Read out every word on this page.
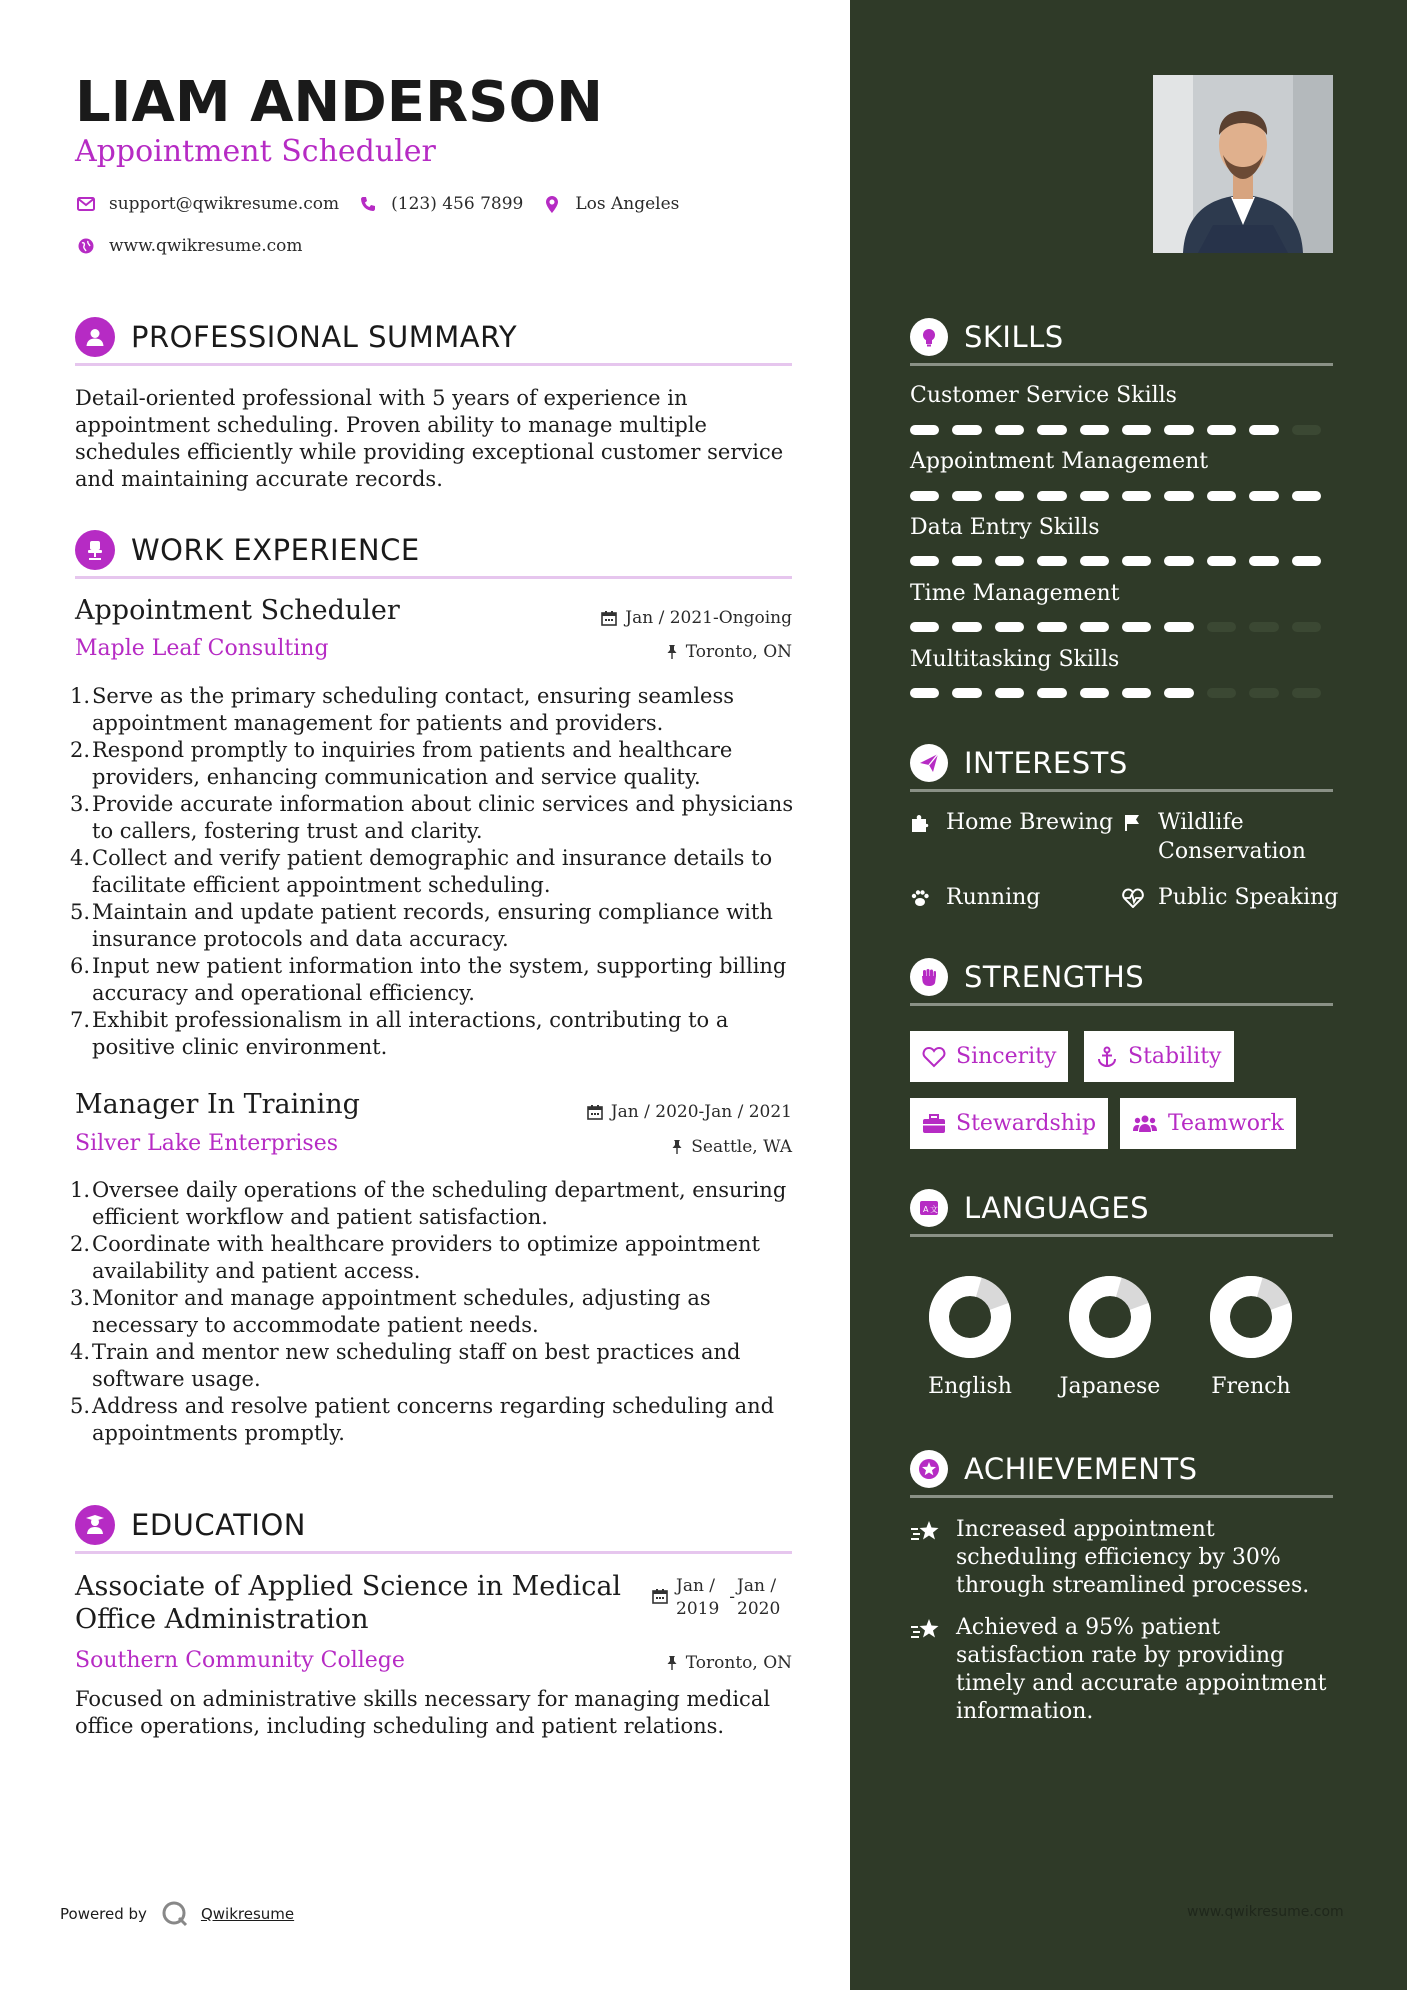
LIAM ANDERSON
Appointment Scheduler
support@qwikresume.com	(123) 456 7899	Los Angeles
www.qwikresume.com
PROFESSIONAL SUMMARY
Detail-oriented professional with 5 years of experience in appointment scheduling. Proven ability to manage multiple schedules efficiently while providing exceptional customer service and maintaining accurate records.
WORK EXPERIENCE
Appointment Scheduler	Jan / 2021-Ongoing
Maple Leaf Consulting	Toronto, ON
1. Serve as the primary scheduling contact, ensuring seamless appointment management for patients and providers.
2. Respond promptly to inquiries from patients and healthcare providers, enhancing communication and service quality.
3. Provide accurate information about clinic services and physicians to callers, fostering trust and clarity.
4. Collect and verify patient demographic and insurance details to facilitate efficient appointment scheduling.
5. Maintain and update patient records, ensuring compliance with insurance protocols and data accuracy.
6. Input new patient information into the system, supporting billing accuracy and operational efficiency.
7. Exhibit professionalism in all interactions, contributing to a positive clinic environment.
Manager In Training	Jan / 2020-Jan / 2021
Silver Lake Enterprises	Seattle, WA
1. Oversee daily operations of the scheduling department, ensuring efficient workflow and patient satisfaction.
2. Coordinate with healthcare providers to optimize appointment availability and patient access.
3. Monitor and manage appointment schedules, adjusting as necessary to accommodate patient needs.
4. Train and mentor new scheduling staff on best practices and software usage.
5. Address and resolve patient concerns regarding scheduling and appointments promptly.
EDUCATION
Associate of Applied Science in Medical
Office Administration
Jan /
2019
-
Jan /
2020
Southern Community College	Toronto, ON
Focused on administrative skills necessary for managing medical office operations, including scheduling and patient relations.
Powered by	Qwikresume
SKILLS
Customer Service Skills
Appointment Management
Data Entry Skills
Time Management
Multitasking Skills
INTERESTS
Home Brewing Wildlife Conservation
Running	Public Speaking
STRENGTHS
Sincerity	Stability
Stewardship	Teamwork
A 文 LANGUAGES
English	Japanese	French
ACHIEVEMENTS
Increased appointment scheduling efficiency by 30% through streamlined processes.
Achieved a 95% patient satisfaction rate by providing timely and accurate appointment information.
www.qwikresume.com
